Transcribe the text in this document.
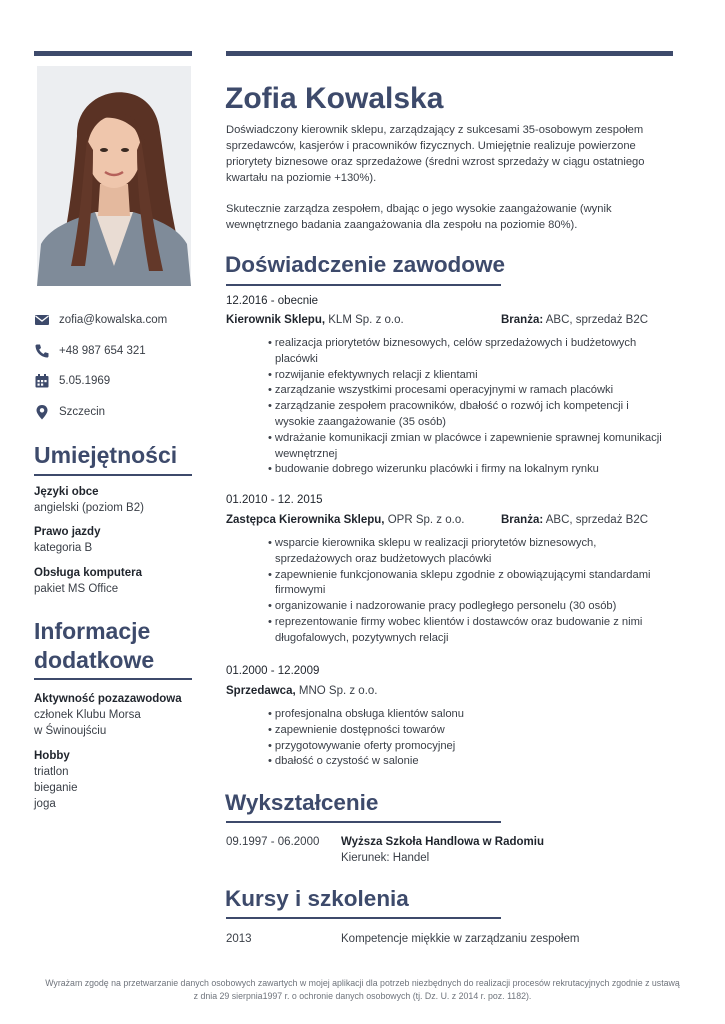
zofia@kowalska.com
+48 987 654 321
5.05.1969
Szczecin
Umiejętności
Języki obce
angielski (poziom B2)
Prawo jazdy
kategoria B
Obsługa komputera
pakiet MS Office
Informacje
dodatkowe
Aktywność pozazawodowa
członek Klubu Morsa
w Świnoujściu
Hobby
triatlon
bieganie
joga
Zofia Kowalska
Doświadczony kierownik sklepu, zarządzający z sukcesami 35-osobowym zespołem sprzedawców, kasjerów i pracowników fizycznych. Umiejętnie realizuje powierzone priorytety biznesowe oraz sprzedażowe (średni wzrost sprzedaży w ciągu ostatniego kwartału na poziomie +130%).
Skutecznie zarządza zespołem, dbając o jego wysokie zaangażowanie (wynik wewnętrznego badania zaangażowania dla zespołu na poziomie 80%).
Doświadczenie zawodowe
12.2016 - obecnie
Kierownik Sklepu, KLM Sp. z o.o.	Branża: ABC, sprzedaż B2C
• realizacja priorytetów biznesowych, celów sprzedażowych i budżetowych placówki
• rozwijanie efektywnych relacji z klientami
• zarządzanie wszystkimi procesami operacyjnymi w ramach placówki
• zarządzanie zespołem pracowników, dbałość o rozwój ich kompetencji i wysokie zaangażowanie (35 osób)
• wdrażanie komunikacji zmian w placówce i zapewnienie sprawnej komunikacji wewnętrznej
• budowanie dobrego wizerunku placówki i firmy na lokalnym rynku
01.2010 - 12. 2015
Zastępca Kierownika Sklepu, OPR Sp. z o.o.	Branża: ABC, sprzedaż B2C
• wsparcie kierownika sklepu w realizacji priorytetów biznesowych, sprzedażowych oraz budżetowych placówki
• zapewnienie funkcjonowania sklepu zgodnie z obowiązującymi standardami firmowymi
• organizowanie i nadzorowanie pracy podległego personelu (30 osób)
• reprezentowanie firmy wobec klientów i dostawców oraz budowanie z nimi długofalowych, pozytywnych relacji
01.2000 - 12.2009
Sprzedawca, MNO Sp. z o.o.
• profesjonalna obsługa klientów salonu
• zapewnienie dostępności towarów
• przygotowywanie oferty promocyjnej
• dbałość o czystość w salonie
Wykształcenie
09.1997 - 06.2000 Wyższa Szkoła Handlowa w Radomiu
Kierunek: Handel
Kursy i szkolenia
2013	Kompetencje miękkie w zarządzaniu zespołem
Wyrażam zgodę na przetwarzanie danych osobowych zawartych w mojej aplikacji dla potrzeb niezbędnych do realizacji procesów rekrutacyjnych zgodnie z ustawą
z dnia 29 sierpnia1997 r. o ochronie danych osobowych (tj. Dz. U. z 2014 r. poz. 1182).
